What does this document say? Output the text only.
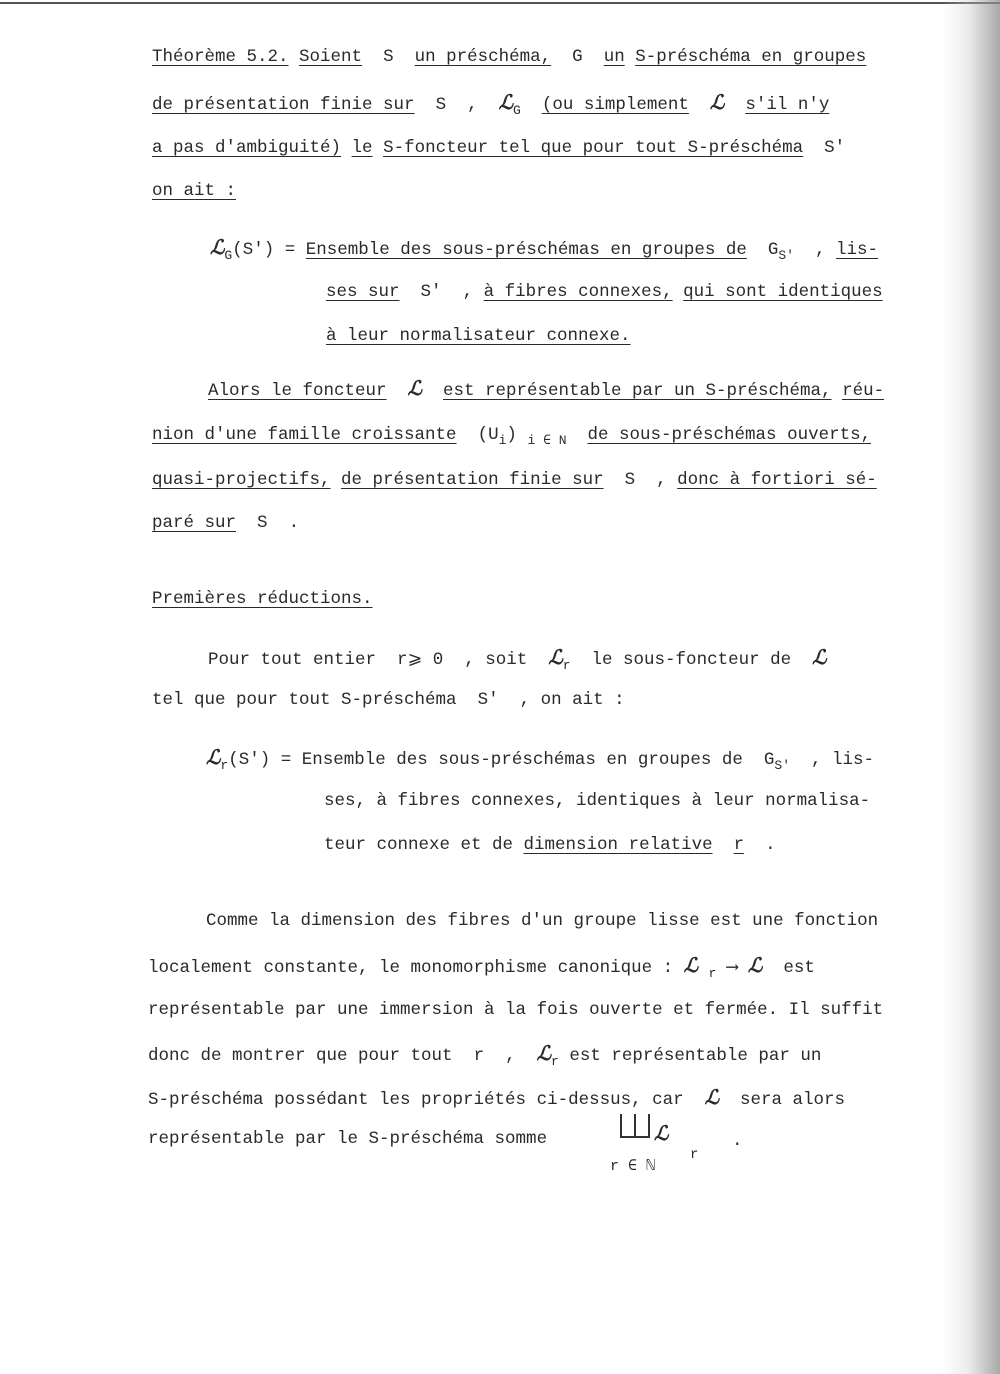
Théorème 5.2. Soient S un préschéma, G un S-préschéma en groupes
de présentation finie sur S , ℒ$_G$ (ou simplement ℒ s'il n'y
a pas d'ambiguité) le S-foncteur tel que pour tout S-préschéma S'
on ait :
ℒ$_G$(S') = Ensemble des sous-préschémas en groupes de $G_{S'}$ , lis-
ses sur S' , à fibres connexes, qui sont identiques
à leur normalisateur connexe.
Alors le foncteur ℒ est représentable par un S-préschéma, réu-
nion d'une famille croissante $(U_i)$ $_{i \in N}$ de sous-préschémas ouverts,
quasi-projectifs, de présentation finie sur S , donc à fortiori sé-
paré sur S .
Premières réductions.
Pour tout entier r⩾ 0 , soit ℒ$_r$ le sous-foncteur de ℒ
tel que pour tout S-préschéma S' , on ait :
ℒ$_r$(S') = Ensemble des sous-préschémas en groupes de $G_{S'}$ , lis-
ses, à fibres connexes, identiques à leur normalisa-
teur connexe et de dimension relative r .
Comme la dimension des fibres d'un groupe lisse est une fonction
localement constante, le monomorphisme canonique : ℒ $_r$ ⟶ ℒ est
représentable par une immersion à la fois ouverte et fermée. Il suffit
donc de montrer que pour tout r , ℒ$_r$ est représentable par un
S-préschéma possédant les propriétés ci-dessus, car ℒ sera alors
représentable par le S-préschéma somme	ℒ
r
.
r ∈ ℕ
